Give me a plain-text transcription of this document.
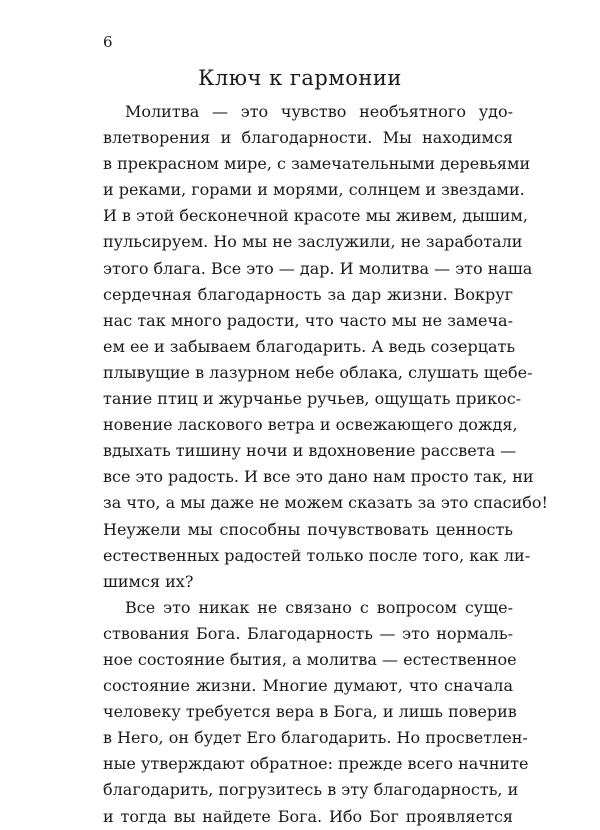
6
Ключ к гармонии
Молитва — это чувство необъятного удо-
влетворения и благодарности. Мы находимся
в прекрасном мире, с замечательными деревьями
и реками, горами и морями, солнцем и звездами.
И в этой бесконечной красоте мы живем, дышим,
пульсируем. Но мы не заслужили, не заработали
этого блага. Все это — дар. И молитва — это наша
сердечная благодарность за дар жизни. Вокруг
нас так много радости, что часто мы не замеча-
ем ее и забываем благодарить. А ведь созерцать
плывущие в лазурном небе облака, слушать щебе-
тание птиц и журчанье ручьев, ощущать прикос-
новение ласкового ветра и освежающего дождя,
вдыхать тишину ночи и вдохновение рассвета —
все это радость. И все это дано нам просто так, ни
за что, а мы даже не можем сказать за это спасибо!
Неужели мы способны почувствовать ценность
естественных радостей только после того, как ли-
шимся их?
Все это никак не связано с вопросом суще-
ствования Бога. Благодарность — это нормаль-
ное состояние бытия, а молитва — естественное
состояние жизни. Многие думают, что сначала
человеку требуется вера в Бога, и лишь поверив
в Него, он будет Его благодарить. Но просветлен-
ные утверждают обратное: прежде всего начните
благодарить, погрузитесь в эту благодарность, и
и тогда вы найдете Бога. Ибо Бог проявляется
